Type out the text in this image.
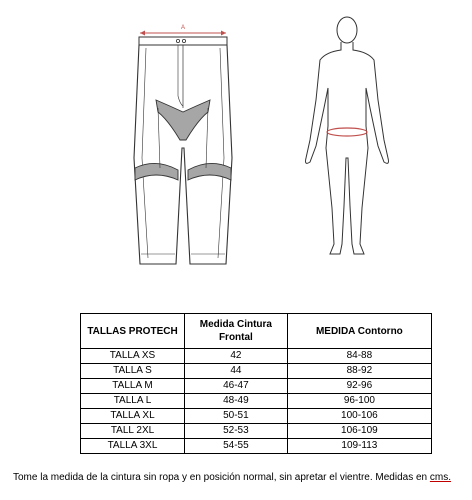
A
TALLAS PROTECH	Medida Cintura Frontal	MEDIDA Contorno
TALLA XS	42	84-88
TALLA S	44	88-92
TALLA M	46-47	92-96
TALLA L	48-49	96-100
TALLA XL	50-51	100-106
TALL 2XL	52-53	106-109
TALLA 3XL	54-55	109-113
Tome la medida de la cintura sin ropa y en posición normal, sin apretar el vientre. Medidas en cms.
